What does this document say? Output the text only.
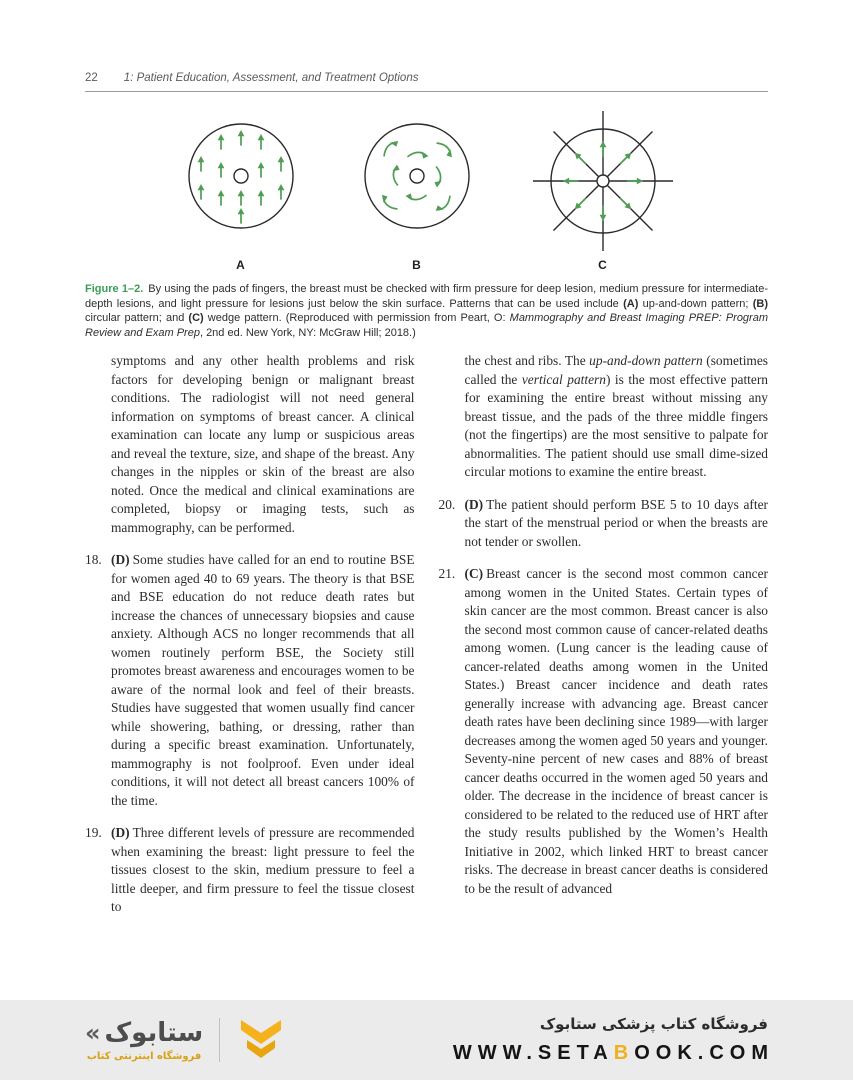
22 1: Patient Education, Assessment, and Treatment Options
A	B	C

Figure 1–2. By using the pads of fingers, the breast must be checked with firm pressure for deep lesion, medium pressure for intermediate-depth lesions, and light pressure for lesions just below the skin surface. Patterns that can be used include (A) up-and-down pattern; (B) circular pattern; and (C) wedge pattern. (Reproduced with permission from Peart, O: Mammography and Breast Imaging PREP: Program Review and Exam Prep, 2nd ed. New York, NY: McGraw Hill; 2018.)

symptoms and any other health problems and risk factors for developing benign or malignant breast conditions. The radiologist will not need general information on symptoms of breast cancer. A clinical examination can locate any lump or suspicious areas and reveal the texture, size, and shape of the breast. Any changes in the nipples or skin of the breast are also noted. Once the medical and clinical examinations are completed, biopsy or imaging tests, such as mammography, can be performed.

18. (D) Some studies have called for an end to routine BSE for women aged 40 to 69 years. The theory is that BSE and BSE education do not reduce death rates but increase the chances of unnecessary biopsies and cause anxiety. Although ACS no longer recommends that all women routinely perform BSE, the Society still promotes breast awareness and encourages women to be aware of the normal look and feel of their breasts. Studies have suggested that women usually find cancer while showering, bathing, or dressing, rather than during a specific breast examination. Unfortunately, mammography is not foolproof. Even under ideal conditions, it will not detect all breast cancers 100% of the time.

19. (D) Three different levels of pressure are recommended when examining the breast: light pressure to feel the tissues closest to the skin, medium pressure to feel a little deeper, and firm pressure to feel the tissue closest to

the chest and ribs. The up-and-down pattern (sometimes called the vertical pattern) is the most effective pattern for examining the entire breast without missing any breast tissue, and the pads of the three middle fingers (not the fingertips) are the most sensitive to palpate for abnormalities. The patient should use small dime-sized circular motions to examine the entire breast.

20. (D) The patient should perform BSE 5 to 10 days after the start of the menstrual period or when the breasts are not tender or swollen.

21. (C) Breast cancer is the second most common cancer among women in the United States. Certain types of skin cancer are the most common. Breast cancer is also the second most common cause of cancer-related deaths among women. (Lung cancer is the leading cause of cancer-related deaths among women in the United States.) Breast cancer incidence and death rates generally increase with advancing age. Breast cancer death rates have been declining since 1989—with larger decreases among the women aged 50 years and younger. Seventy-nine percent of new cases and 88% of breast cancer deaths occurred in the women aged 50 years and older. The decrease in the incidence of breast cancer is considered to be related to the reduced use of HRT after the study results published by the Women’s Health Initiative in 2002, which linked HRT to breast cancer risks. The decrease in breast cancer deaths is considered to be the result of advanced

« ستابوک
فروشگاه اینترنتی کتاب
فروشگاه کتاب پزشکی ستابوک
WWW.SETABOOK.COM
